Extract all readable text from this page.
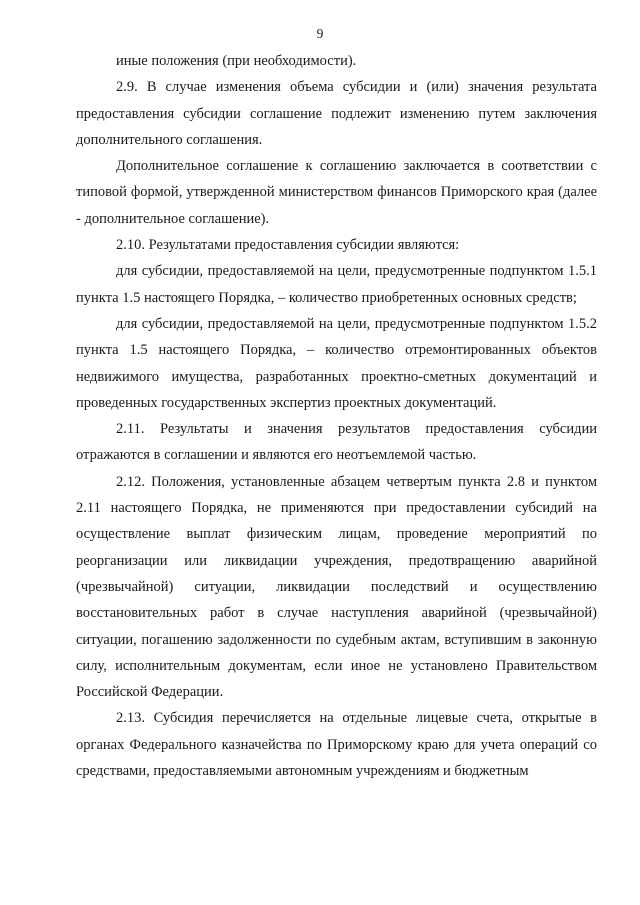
9

иные положения (при необходимости).

2.9. В случае изменения объема субсидии и (или) значения результата предоставления субсидии соглашение подлежит изменению путем заключения дополнительного соглашения.

Дополнительное соглашение к соглашению заключается в соответствии с типовой формой, утвержденной министерством финансов Приморского края (далее - дополнительное соглашение).

2.10. Результатами предоставления субсидии являются:

для субсидии, предоставляемой на цели, предусмотренные подпунктом 1.5.1 пункта 1.5 настоящего Порядка, – количество приобретенных основных средств;

для субсидии, предоставляемой на цели, предусмотренные подпунктом 1.5.2 пункта 1.5 настоящего Порядка, – количество отремонтированных объектов недвижимого имущества, разработанных проектно-сметных документаций и проведенных государственных экспертиз проектных документаций.

2.11. Результаты и значения результатов предоставления субсидии отражаются в соглашении и являются его неотъемлемой частью.

2.12. Положения, установленные абзацем четвертым пункта 2.8 и пунктом 2.11 настоящего Порядка, не применяются при предоставлении субсидий на осуществление выплат физическим лицам, проведение мероприятий по реорганизации или ликвидации учреждения, предотвращению аварийной (чрезвычайной) ситуации, ликвидации последствий и осуществлению восстановительных работ в случае наступления аварийной (чрезвычайной) ситуации, погашению задолженности по судебным актам, вступившим в законную силу, исполнительным документам, если иное не установлено Правительством Российской Федерации.

2.13. Субсидия перечисляется на отдельные лицевые счета, открытые в органах Федерального казначейства по Приморскому краю для учета операций со средствами, предоставляемыми автономным учреждениям и бюджетным
